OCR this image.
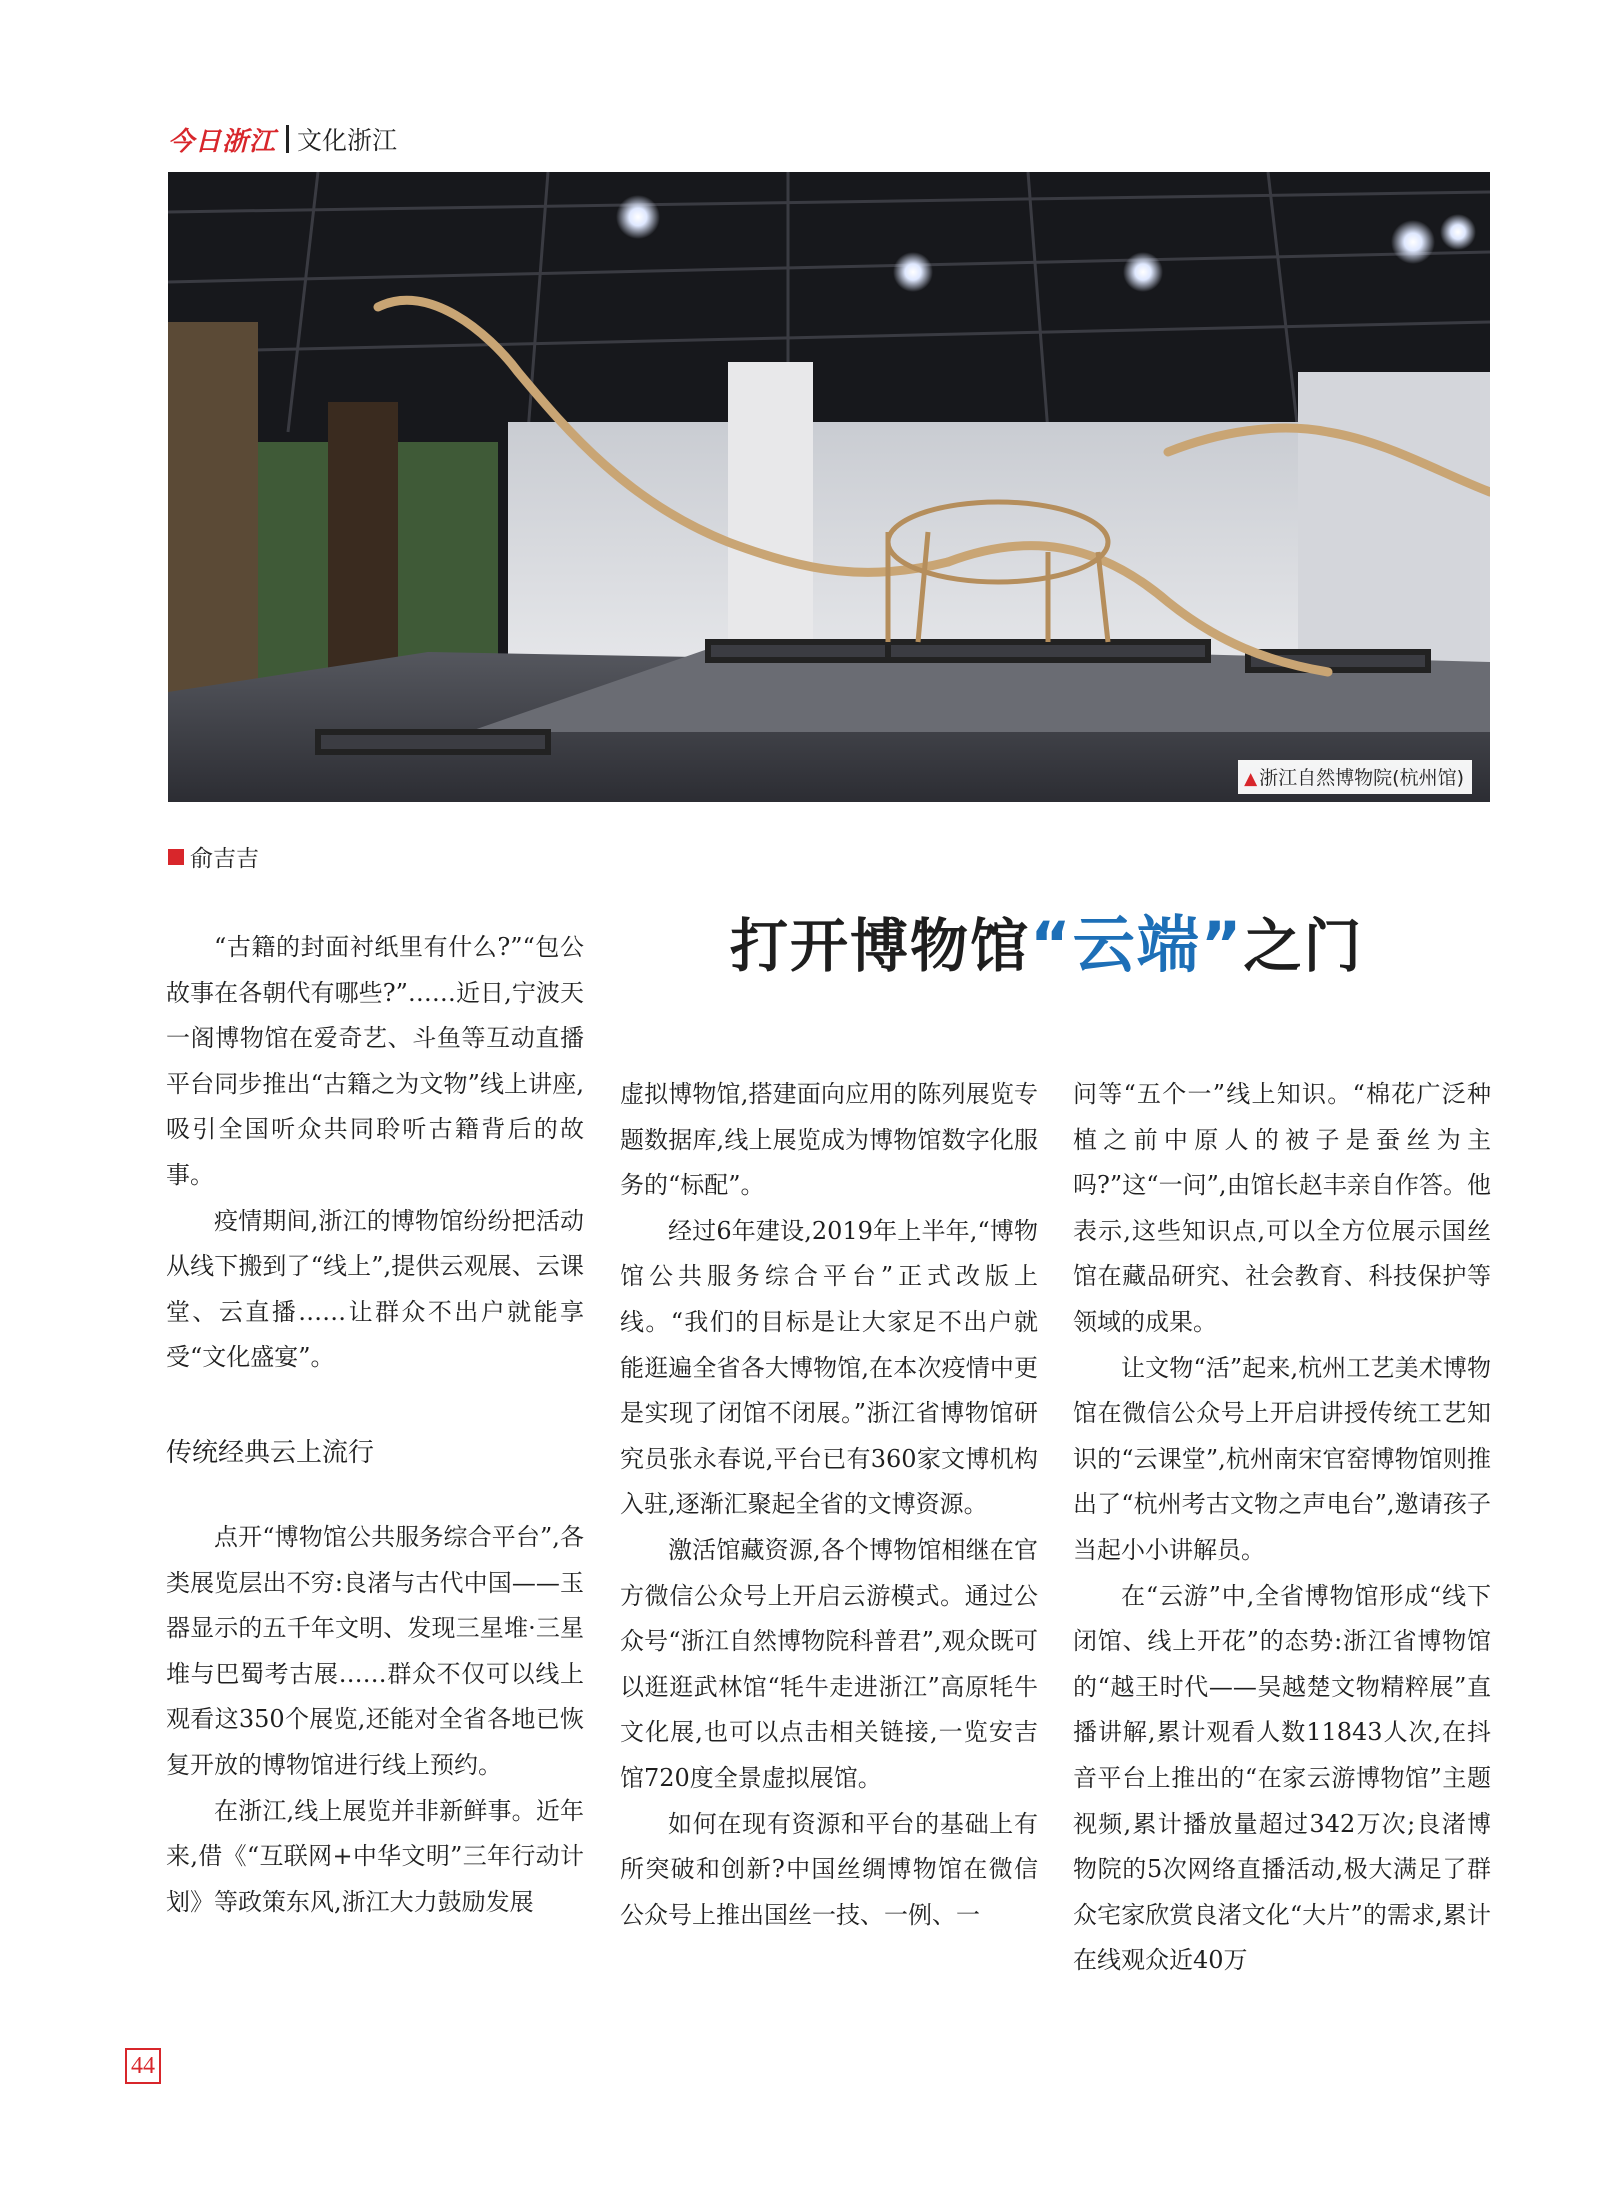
今日浙江 文化浙江
▲ 浙江自然博物院(杭州馆)
俞吉吉
打开博物馆“云端”之门

“古籍的封面衬纸里有什么?”“包公故事在各朝代有哪些?”……近日,宁波天一阁博物馆在爱奇艺、斗鱼等互动直播平台同步推出“古籍之为文物”线上讲座,吸引全国听众共同聆听古籍背后的故事。

疫情期间,浙江的博物馆纷纷把活动从线下搬到了“线上”,提供云观展、云课堂、云直播……让群众不出户就能享受“文化盛宴”。

传统经典云上流行

点开“博物馆公共服务综合平台”,各类展览层出不穷:良渚与古代中国——玉器显示的五千年文明、发现三星堆·三星堆与巴蜀考古展……群众不仅可以线上观看这350个展览,还能对全省各地已恢复开放的博物馆进行线上预约。

在浙江,线上展览并非新鲜事。近年来,借《“互联网+中华文明”三年行动计划》等政策东风,浙江大力鼓励发展

虚拟博物馆,搭建面向应用的陈列展览专题数据库,线上展览成为博物馆数字化服务的“标配”。

经过6年建设,2019年上半年,“博物馆公共服务综合平台”正式改版上线。“我们的目标是让大家足不出户就能逛遍全省各大博物馆,在本次疫情中更是实现了闭馆不闭展。”浙江省博物馆研究员张永春说,平台已有360家文博机构入驻,逐渐汇聚起全省的文博资源。

激活馆藏资源,各个博物馆相继在官方微信公众号上开启云游模式。通过公众号“浙江自然博物院科普君”,观众既可以逛逛武林馆“牦牛走进浙江”高原牦牛文化展,也可以点击相关链接,一览安吉馆720度全景虚拟展馆。

如何在现有资源和平台的基础上有所突破和创新?中国丝绸博物馆在微信公众号上推出国丝一技、一例、一

问等“五个一”线上知识。“棉花广泛种植之前中原人的被子是蚕丝为主吗?”这“一问”,由馆长赵丰亲自作答。他表示,这些知识点,可以全方位展示国丝馆在藏品研究、社会教育、科技保护等领域的成果。

让文物“活”起来,杭州工艺美术博物馆在微信公众号上开启讲授传统工艺知识的“云课堂”,杭州南宋官窑博物馆则推出了“杭州考古文物之声电台”,邀请孩子当起小小讲解员。

在“云游”中,全省博物馆形成“线下闭馆、线上开花”的态势:浙江省博物馆的“越王时代——吴越楚文物精粹展”直播讲解,累计观看人数11843人次,在抖音平台上推出的“在家云游博物馆”主题视频,累计播放量超过342万次;良渚博物院的5次网络直播活动,极大满足了群众宅家欣赏良渚文化“大片”的需求,累计在线观众近40万

44
